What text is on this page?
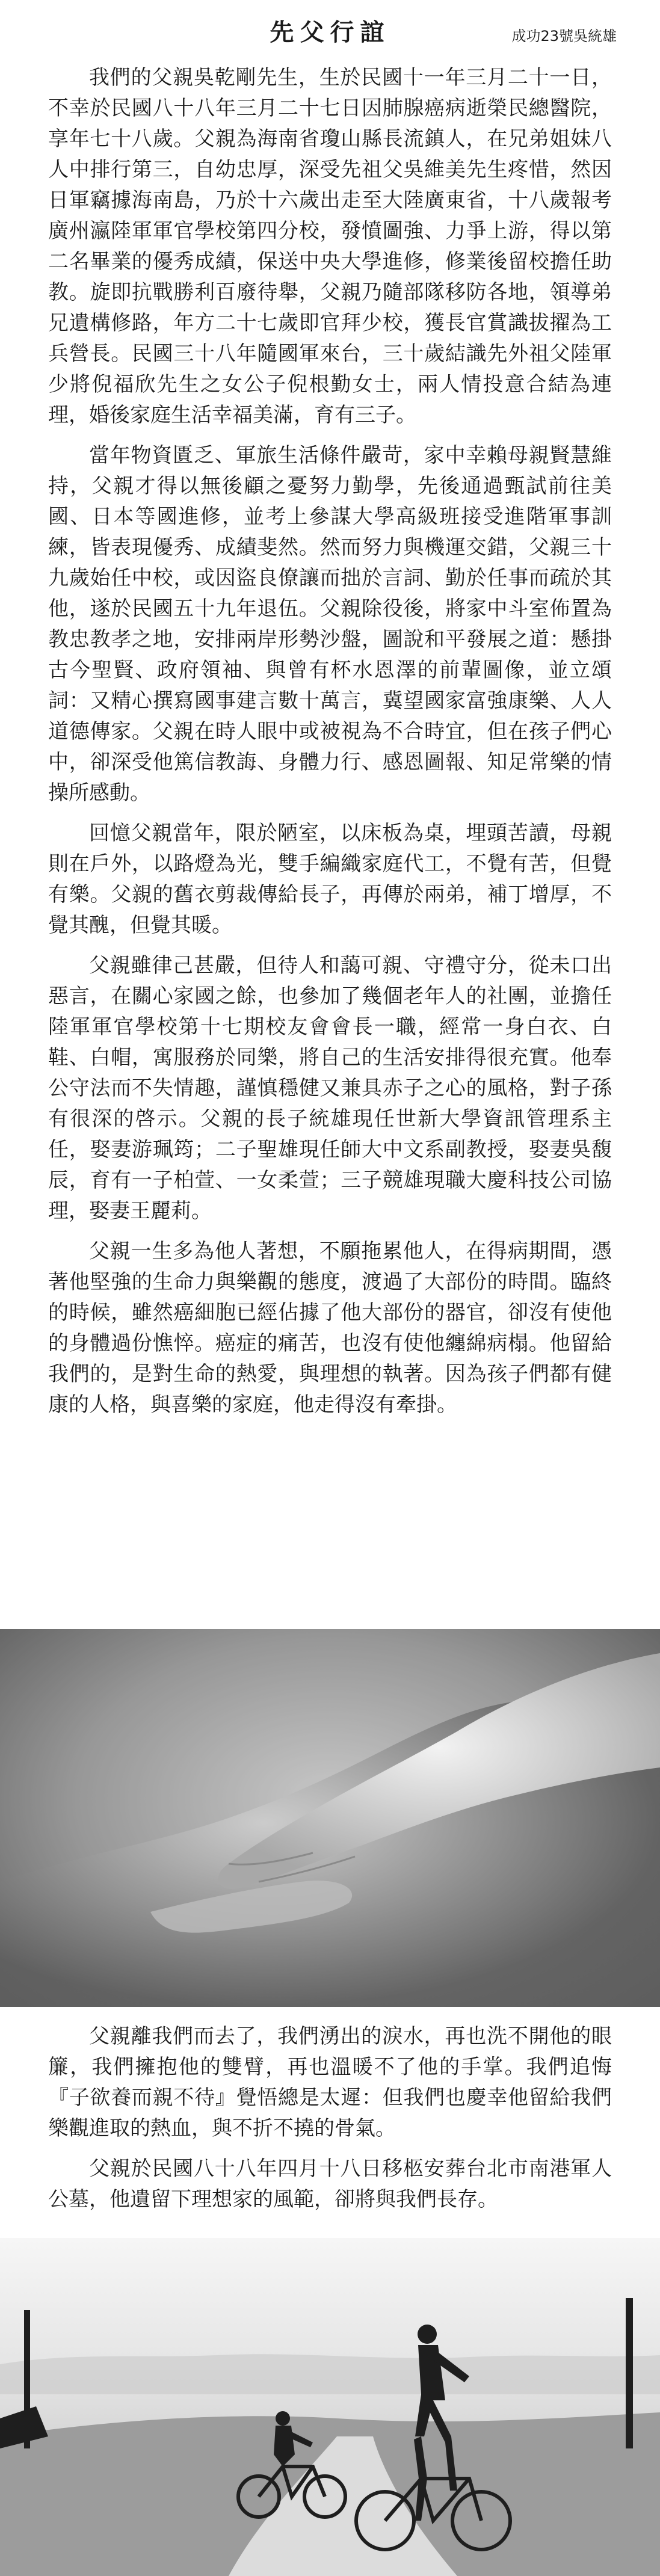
先父行誼	成功23號吳統雄

我們的父親吳乾剛先生，生於民國十一年三月二十一日，不幸於民國八十八年三月二十七日因肺腺癌病逝榮民總醫院，享年七十八歲。父親為海南省瓊山縣長流鎮人，在兄弟姐妹八人中排行第三，自幼忠厚，深受先祖父吳維美先生疼惜，然因日軍竊據海南島，乃於十六歲出走至大陸廣東省，十八歲報考廣州瀛陸軍軍官學校第四分校，發憤圖強、力爭上游，得以第二名畢業的優秀成績，保送中央大學進修，修業後留校擔任助教。旋即抗戰勝利百廢待舉，父親乃隨部隊移防各地，領導弟兄遺構修路，年方二十七歲即官拜少校，獲長官賞識拔擢為工兵營長。民國三十八年隨國軍來台，三十歲結識先外祖父陸軍少將倪福欣先生之女公子倪根勤女士，兩人情投意合結為連理，婚後家庭生活幸福美滿，育有三子。

當年物資匱乏、軍旅生活條件嚴苛，家中幸賴母親賢慧維持，父親才得以無後顧之憂努力勤學，先後通過甄試前往美國、日本等國進修，並考上參謀大學高級班接受進階軍事訓練，皆表現優秀、成績斐然。然而努力與機運交錯，父親三十九歲始任中校，或因盜良僚讓而拙於言詞、勤於任事而疏於其他，遂於民國五十九年退伍。父親除役後，將家中斗室佈置為教忠教孝之地，安排兩岸形勢沙盤，圖說和平發展之道：懸掛古今聖賢、政府領袖、與曾有杯水恩澤的前輩圖像，並立頌詞：又精心撰寫國事建言數十萬言，冀望國家富強康樂、人人道德傳家。父親在時人眼中或被視為不合時宜，但在孩子們心中，卻深受他篤信教誨、身體力行、感恩圖報、知足常樂的情操所感動。

回憶父親當年，限於陋室，以床板為桌，埋頭苦讀，母親則在戶外，以路燈為光，雙手編織家庭代工，不覺有苦，但覺有樂。父親的舊衣剪裁傳給長子，再傳於兩弟，補丁增厚，不覺其醜，但覺其暖。

父親雖律己甚嚴，但待人和藹可親、守禮守分，從未口出惡言，在關心家國之餘，也參加了幾個老年人的社團，並擔任陸軍軍官學校第十七期校友會會長一職，經常一身白衣、白鞋、白帽，寓服務於同樂，將自己的生活安排得很充實。他奉公守法而不失情趣，謹慎穩健又兼具赤子之心的風格，對子孫有很深的啓示。父親的長子統雄現任世新大學資訊管理系主任，娶妻游珮筠；二子聖雄現任師大中文系副教授，娶妻吳馥辰，育有一子柏萱、一女柔萱；三子競雄現職大慶科技公司協理，娶妻王麗莉。

父親一生多為他人著想，不願拖累他人，在得病期間，憑著他堅強的生命力與樂觀的態度，渡過了大部份的時間。臨終的時候，雖然癌細胞已經佔據了他大部份的器官，卻沒有使他的身體過份憔悴。癌症的痛苦，也沒有使他纏綿病榻。他留給我們的，是對生命的熱愛，與理想的執著。因為孩子們都有健康的人格，與喜樂的家庭，他走得沒有牽掛。

父親離我們而去了，我們湧出的淚水，再也洗不開他的眼簾，我們擁抱他的雙臂，再也溫暖不了他的手掌。我們追悔『子欲養而親不待』覺悟總是太遲：但我們也慶幸他留給我們樂觀進取的熱血，與不折不撓的骨氣。

父親於民國八十八年四月十八日移柩安葬台北市南港軍人公墓，他遺留下理想家的風範，卻將與我們長存。
